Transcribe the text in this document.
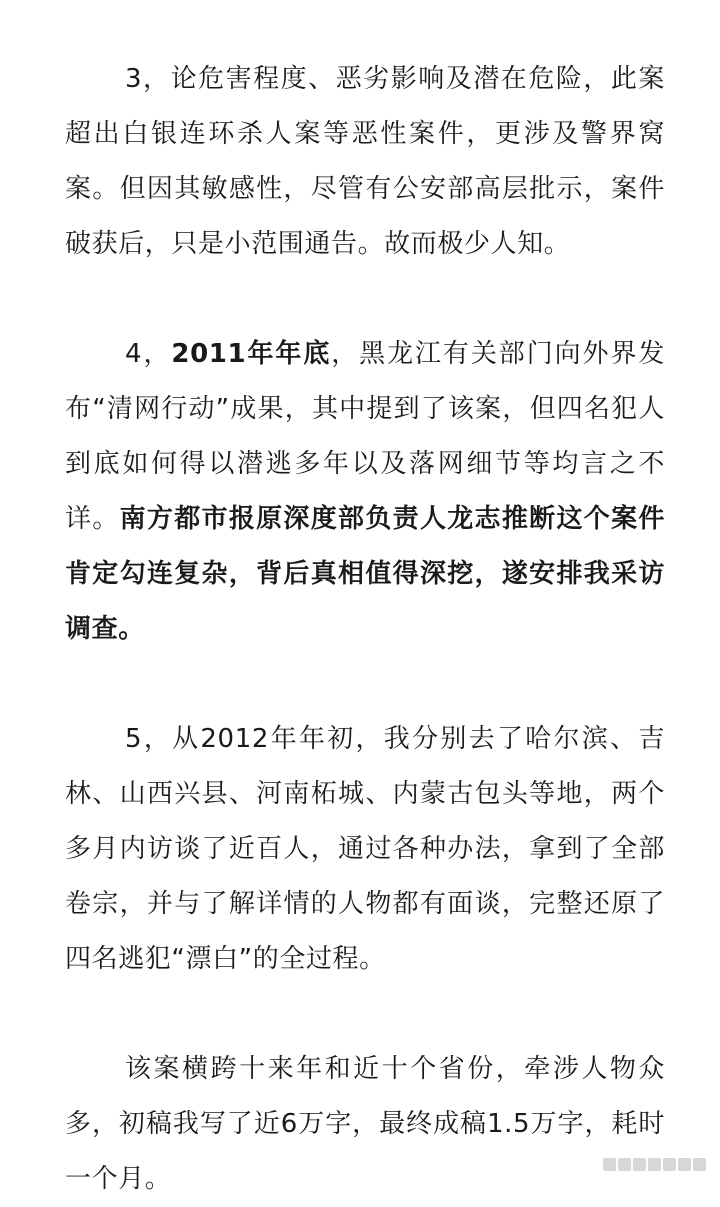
3，论危害程度、恶劣影响及潜在危险，此案超出白银连环杀人案等恶性案件，更涉及警界窝案。但因其敏感性，尽管有公安部高层批示，案件破获后，只是小范围通告。故而极少人知。

4，2011年年底，黑龙江有关部门向外界发布“清网行动”成果，其中提到了该案，但四名犯人到底如何得以潜逃多年以及落网细节等均言之不详。南方都市报原深度部负责人龙志推断这个案件肯定勾连复杂，背后真相值得深挖，遂安排我采访调查。

5，从2012年年初，我分别去了哈尔滨、吉林、山西兴县、河南柘城、内蒙古包头等地，两个多月内访谈了近百人，通过各种办法，拿到了全部卷宗，并与了解详情的人物都有面谈，完整还原了四名逃犯“漂白”的全过程。

该案横跨十来年和近十个省份，牵涉人物众多，初稿我写了近6万字，最终成稿1.5万字，耗时一个月。
